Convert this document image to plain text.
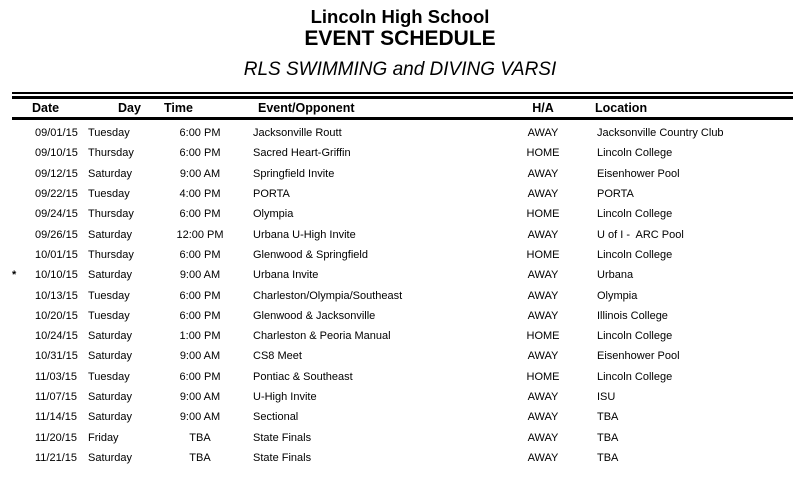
Lincoln High School
EVENT SCHEDULE
RLS SWIMMING and DIVING VARSI
	Date	Day	Time	Event/Opponent	H/A	Location
	09/01/15	Tuesday	6:00 PM	Jacksonville Routt	AWAY	Jacksonville Country Club
	09/10/15	Thursday	6:00 PM	Sacred Heart-Griffin	HOME	Lincoln College
	09/12/15	Saturday	9:00 AM	Springfield Invite	AWAY	Eisenhower Pool
	09/22/15	Tuesday	4:00 PM	PORTA	AWAY	PORTA
	09/24/15	Thursday	6:00 PM	Olympia	HOME	Lincoln College
	09/26/15	Saturday	12:00 PM	Urbana U-High Invite	AWAY	U of I -  ARC Pool
	10/01/15	Thursday	6:00 PM	Glenwood & Springfield	HOME	Lincoln College
*	10/10/15	Saturday	9:00 AM	Urbana Invite	AWAY	Urbana
	10/13/15	Tuesday	6:00 PM	Charleston/Olympia/Southeast	AWAY	Olympia
	10/20/15	Tuesday	6:00 PM	Glenwood & Jacksonville	AWAY	Illinois College
	10/24/15	Saturday	1:00 PM	Charleston & Peoria Manual	HOME	Lincoln College
	10/31/15	Saturday	9:00 AM	CS8 Meet	AWAY	Eisenhower Pool
	11/03/15	Tuesday	6:00 PM	Pontiac & Southeast	HOME	Lincoln College
	11/07/15	Saturday	9:00 AM	U-High Invite	AWAY	ISU
	11/14/15	Saturday	9:00 AM	Sectional	AWAY	TBA
	11/20/15	Friday	TBA	State Finals	AWAY	TBA
	11/21/15	Saturday	TBA	State Finals	AWAY	TBA
